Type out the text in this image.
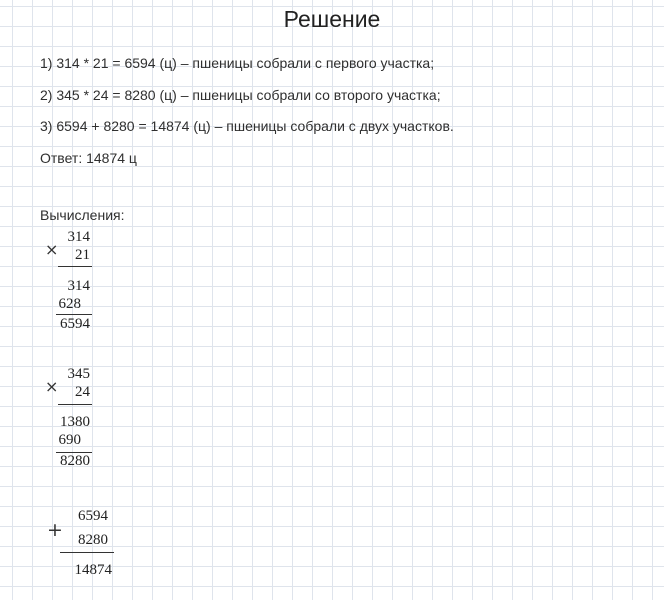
Решение
1) 314 * 21 = 6594 (ц) – пшеницы собрали с первого участка;
2) 345 * 24 = 8280 (ц) – пшеницы собрали со второго участка;
3) 6594 + 8280 = 14874 (ц) – пшеницы собрали с двух участков.
Ответ: 14874 ц
Вычисления:
×
314
21
314
628
6594
×
345
24
1380
690
8280
+
6594
8280
14874
